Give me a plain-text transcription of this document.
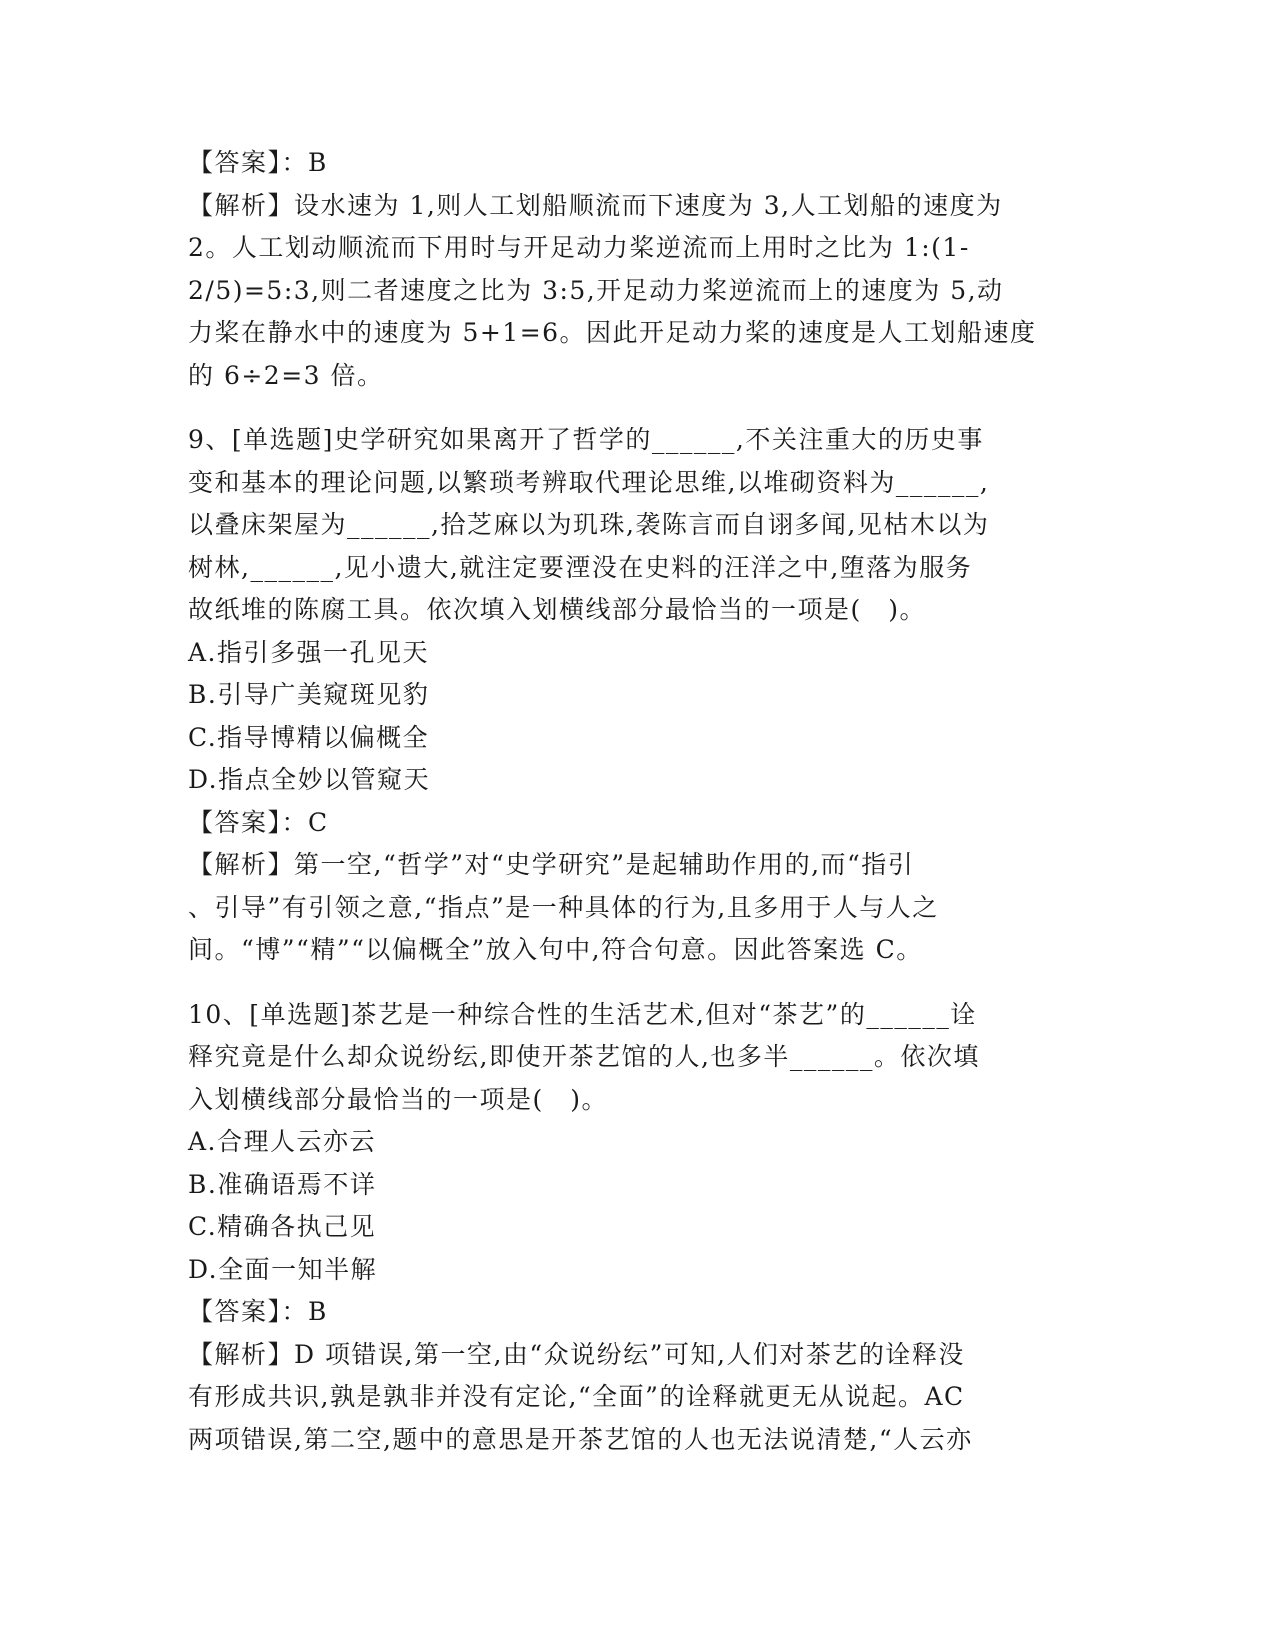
【答案】：B
【解析】设水速为 1,则人工划船顺流而下速度为 3,人工划船的速度为
2。人工划动顺流而下用时与开足动力桨逆流而上用时之比为 1:(1-
2/5)=5:3,则二者速度之比为 3:5,开足动力桨逆流而上的速度为 5,动
力桨在静水中的速度为 5+1=6。因此开足动力桨的速度是人工划船速度
的 6÷2=3 倍。
9、[单选题]史学研究如果离开了哲学的______,不关注重大的历史事
变和基本的理论问题,以繁琐考辨取代理论思维,以堆砌资料为______,
以叠床架屋为______,拾芝麻以为玑珠,袭陈言而自诩多闻,见枯木以为
树林,______,见小遗大,就注定要湮没在史料的汪洋之中,堕落为服务
故纸堆的陈腐工具。依次填入划横线部分最恰当的一项是(　)。
A.指引多强一孔见天
B.引导广美窥斑见豹
C.指导博精以偏概全
D.指点全妙以管窥天
【答案】：C
【解析】第一空,“哲学”对“史学研究”是起辅助作用的,而“指引
、引导”有引领之意,“指点”是一种具体的行为,且多用于人与人之
间。“博”“精”“以偏概全”放入句中,符合句意。因此答案选 C。
10、[单选题]茶艺是一种综合性的生活艺术,但对“茶艺”的______诠
释究竟是什么却众说纷纭,即使开茶艺馆的人,也多半______。依次填
入划横线部分最恰当的一项是(　)。
A.合理人云亦云
B.准确语焉不详
C.精确各执己见
D.全面一知半解
【答案】：B
【解析】D 项错误,第一空,由“众说纷纭”可知,人们对茶艺的诠释没
有形成共识,孰是孰非并没有定论,“全面”的诠释就更无从说起。AC
两项错误,第二空,题中的意思是开茶艺馆的人也无法说清楚,“人云亦
